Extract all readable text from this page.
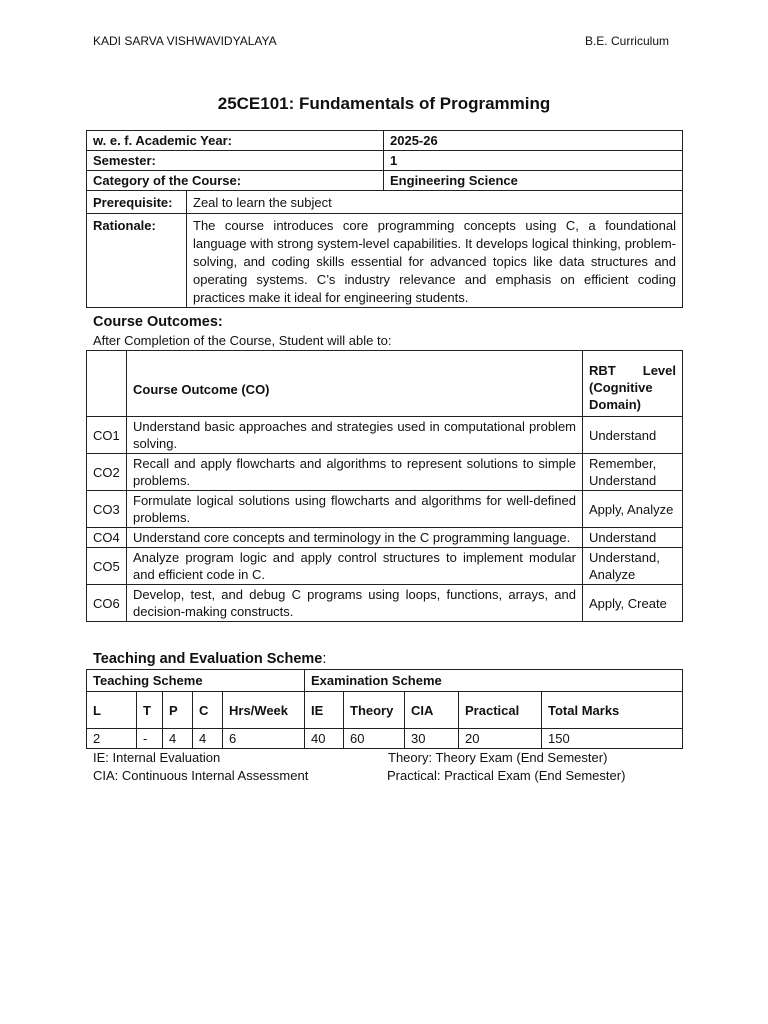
KADI SARVA VISHWAVIDYALAYA	B.E. Curriculum
25CE101: Fundamentals of Programming
w. e. f. Academic Year:		2025-26
Semester:		1
Category of the Course:		Engineering Science
Prerequisite:	Zeal to learn the subject	
Rationale:	The course introduces core programming concepts using C, a foundational language with strong system-level capabilities. It develops logical thinking, problem-solving, and coding skills essential for advanced topics like data structures and operating systems. C’s industry relevance and emphasis on efficient coding practices make it ideal for engineering students.	
Course Outcomes:
After Completion of the Course, Student will able to:
	Course Outcome (CO)	RBT Level
(Cognitive Domain)

CO1	Understand basic approaches and strategies used in computational problem solving.	Understand
CO2	Recall and apply flowcharts and algorithms to represent solutions to simple problems.	Remember, Understand
CO3	Formulate logical solutions using flowcharts and algorithms for well-defined problems.	Apply, Analyze
CO4	Understand core concepts and terminology in the C programming language.	Understand
CO5	Analyze program logic and apply control structures to implement modular and efficient code in C.	Understand, Analyze
CO6	Develop, test, and debug C programs using loops, functions, arrays, and decision-making constructs.	Apply, Create
Teaching and Evaluation Scheme:
Teaching Scheme					Examination Scheme				
L	T	P	C	Hrs/Week	IE	Theory	CIA	Practical	Total Marks
2	-	4	4	6	40	60	30	20	150
IE: Internal Evaluation	Theory: Theory Exam (End Semester)
CIA: Continuous Internal Assessment	Practical: Practical Exam (End Semester)
